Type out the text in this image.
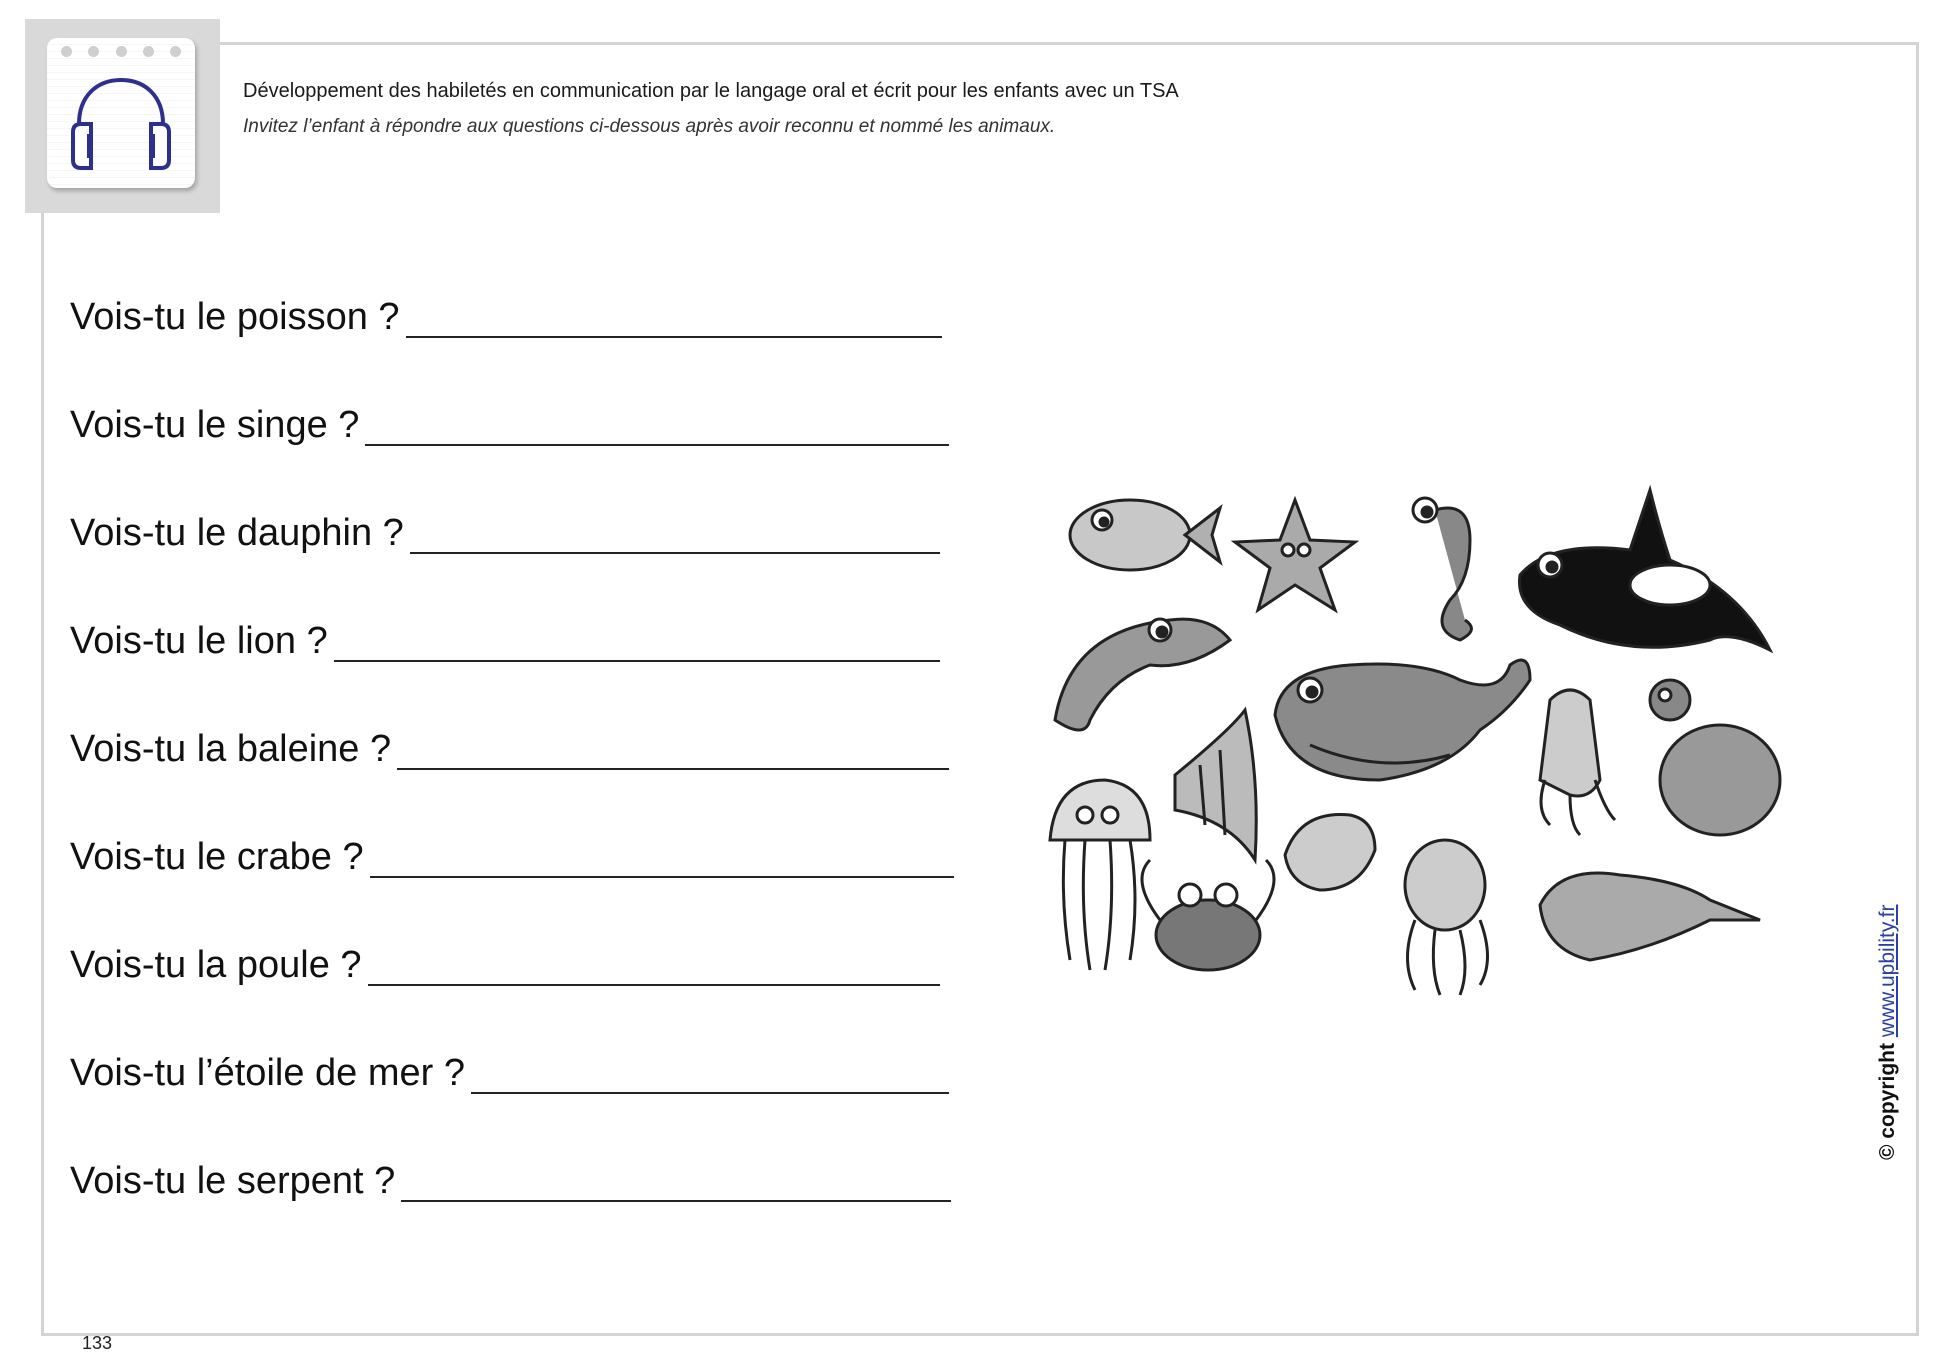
Développement des habiletés en communication par le langage oral et écrit pour les enfants avec un TSA
Invitez l’enfant à répondre aux questions ci-dessous après avoir reconnu et nommé les animaux.
Vois-tu le poisson ?
Vois-tu le singe ?
Vois-tu le dauphin ?
Vois-tu le lion ?
Vois-tu la baleine ?
Vois-tu le crabe ?
Vois-tu la poule ?
Vois-tu l’étoile de mer ?
Vois-tu le serpent ?
© copyright www.upbility.fr
133
